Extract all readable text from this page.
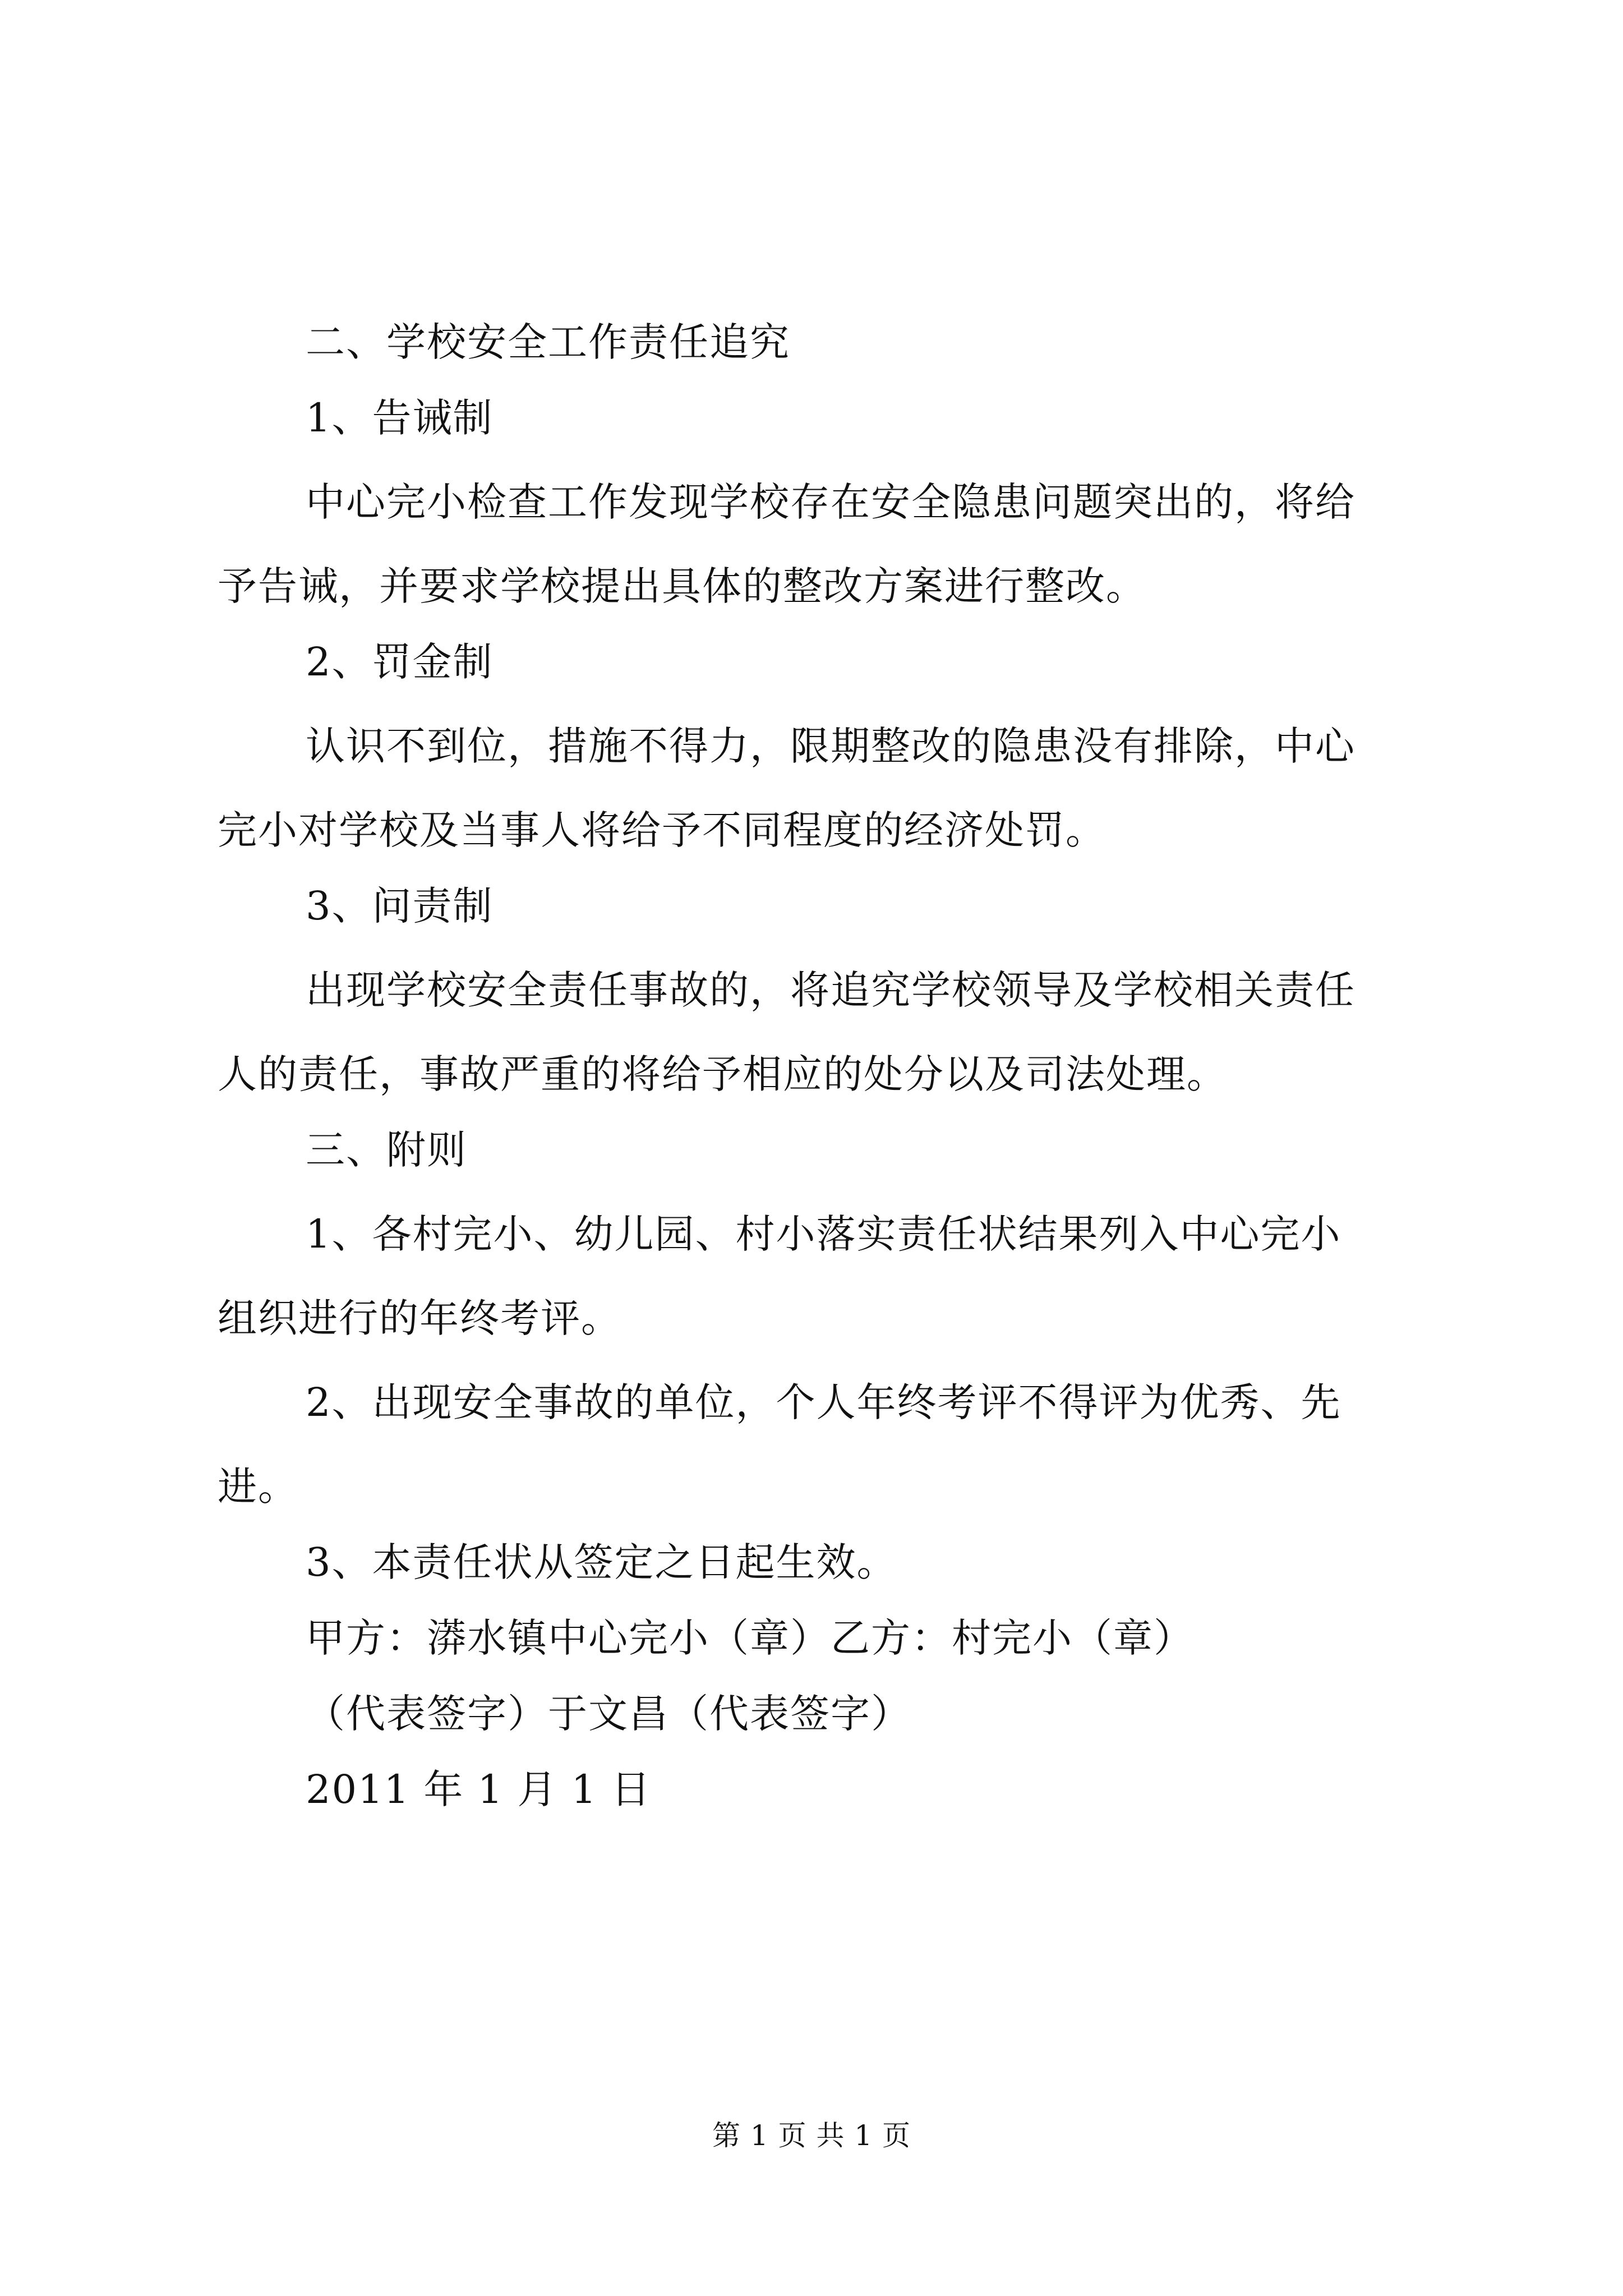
二、学校安全工作责任追究
1、告诫制
中心完小检查工作发现学校存在安全隐患问题突出的，将给
予告诫，并要求学校提出具体的整改方案进行整改。
2、罚金制
认识不到位，措施不得力，限期整改的隐患没有排除，中心
完小对学校及当事人将给予不同程度的经济处罚。
3、问责制
出现学校安全责任事故的，将追究学校领导及学校相关责任
人的责任，事故严重的将给予相应的处分以及司法处理。
三、附则
1、各村完小、幼儿园、村小落实责任状结果列入中心完小
组织进行的年终考评。
2、出现安全事故的单位，个人年终考评不得评为优秀、先
进。
3、本责任状从签定之日起生效。
甲方：漭水镇中心完小（章）乙方：村完小（章）
（代表签字）于文昌（代表签字）
2011 年 1 月 1 日
第 1 页 共 1 页
